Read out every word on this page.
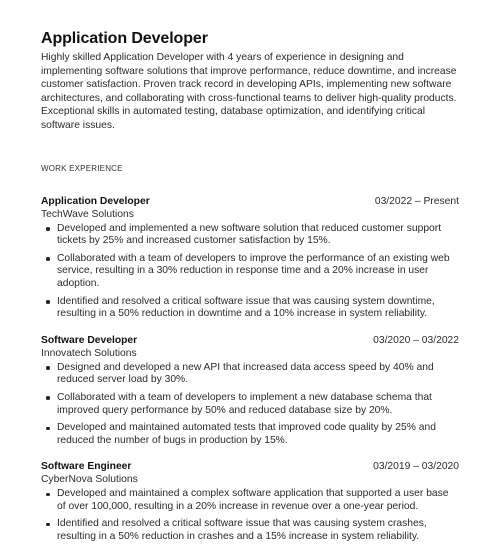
Application Developer
Highly skilled Application Developer with 4 years of experience in designing and implementing software solutions that improve performance, reduce downtime, and increase customer satisfaction. Proven track record in developing APIs, implementing new software architectures, and collaborating with cross-functional teams to deliver high-quality products. Exceptional skills in automated testing, database optimization, and identifying critical software issues.
WORK EXPERIENCE
Application Developer	03/2022 – Present
TechWave Solutions
Developed and implemented a new software solution that reduced customer support tickets by 25% and increased customer satisfaction by 15%.
Collaborated with a team of developers to improve the performance of an existing web service, resulting in a 30% reduction in response time and a 20% increase in user adoption.
Identified and resolved a critical software issue that was causing system downtime, resulting in a 50% reduction in downtime and a 10% increase in system reliability.
Software Developer	03/2020 – 03/2022
Innovatech Solutions
Designed and developed a new API that increased data access speed by 40% and reduced server load by 30%.
Collaborated with a team of developers to implement a new database schema that improved query performance by 50% and reduced database size by 20%.
Developed and maintained automated tests that improved code quality by 25% and reduced the number of bugs in production by 15%.
Software Engineer	03/2019 – 03/2020
CyberNova Solutions
Developed and maintained a complex software application that supported a user base of over 100,000, resulting in a 20% increase in revenue over a one-year period.
Identified and resolved a critical software issue that was causing system crashes, resulting in a 50% reduction in crashes and a 15% increase in system reliability.
